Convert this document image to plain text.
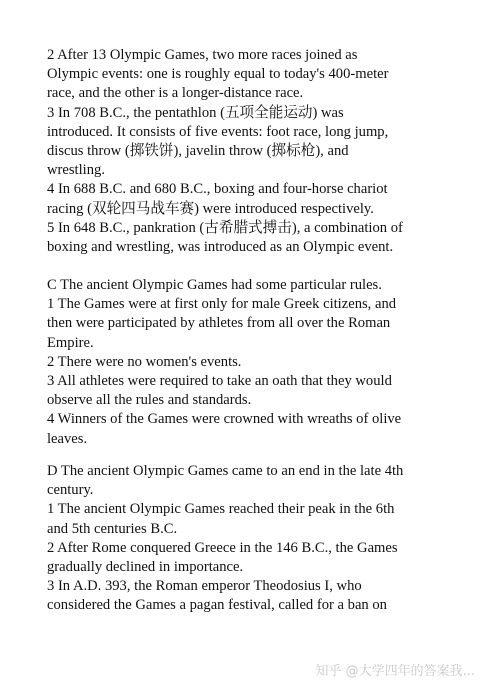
2 After 13 Olympic Games, two more races joined as

Olympic events: one is roughly equal to today's 400-meter

race, and the other is a longer-distance race.

3 In 708 B.C., the pentathlon (五项全能运动) was

introduced. It consists of five events: foot race, long jump,

discus throw (掷铁饼), javelin throw (掷标枪), and

wrestling.

4 In 688 B.C. and 680 B.C., boxing and four-horse chariot

racing (双轮四马战车赛) were introduced respectively.

5 In 648 B.C., pankration (古希腊式搏击), a combination of

boxing and wrestling, was introduced as an Olympic event.

C The ancient Olympic Games had some particular rules.

1 The Games were at first only for male Greek citizens, and

then were participated by athletes from all over the Roman

Empire.

2 There were no women's events.

3 All athletes were required to take an oath that they would

observe all the rules and standards.

4 Winners of the Games were crowned with wreaths of olive

leaves.

D The ancient Olympic Games came to an end in the late 4th

century.

1 The ancient Olympic Games reached their peak in the 6th

and 5th centuries B.C.

2 After Rome conquered Greece in the 146 B.C., the Games

gradually declined in importance.

3 In A.D. 393, the Roman emperor Theodosius I, who

considered the Games a pagan festival, called for a ban on

知乎 @大学四年的答案我...
